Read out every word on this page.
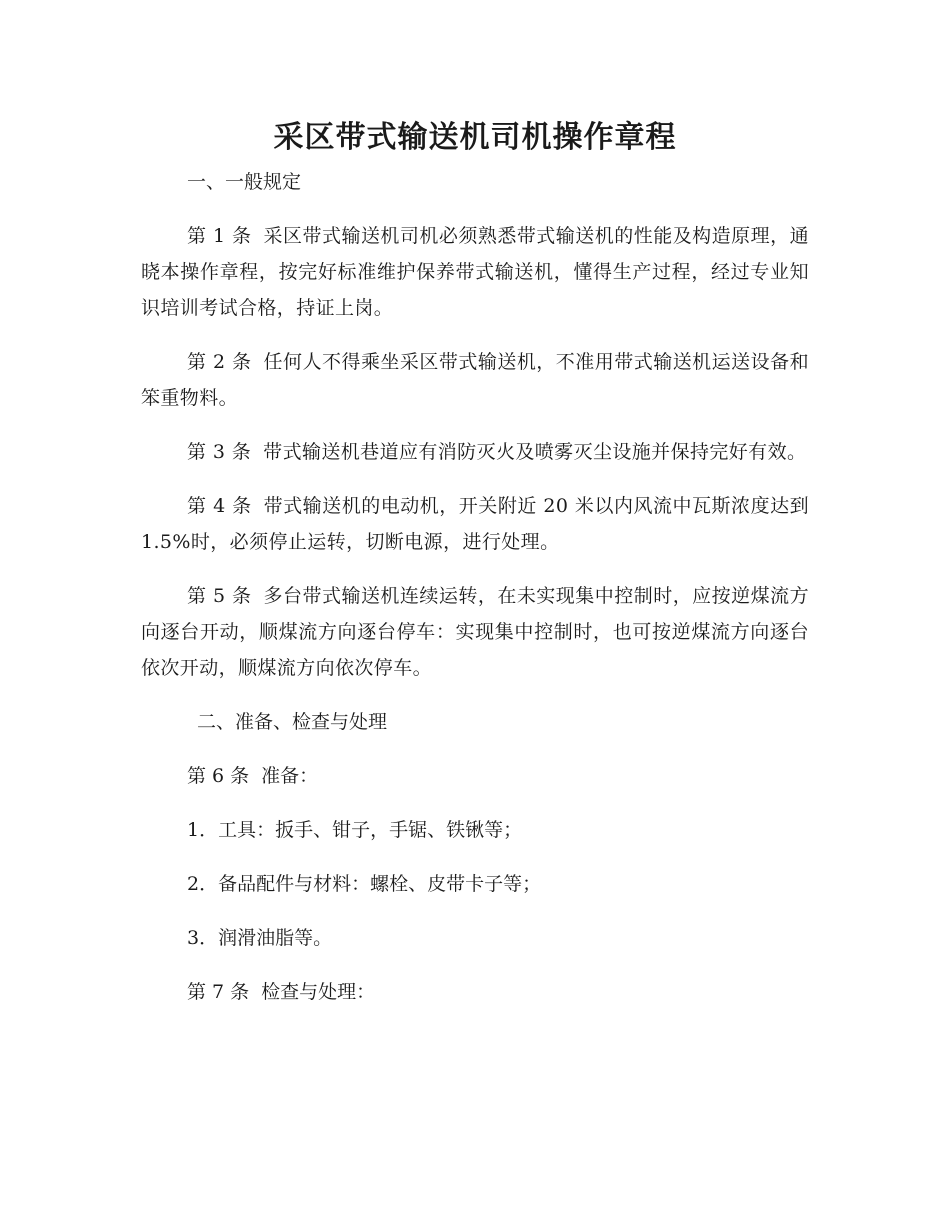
采区带式输送机司机操作章程

一、一般规定

第 1 条 采区带式输送机司机必须熟悉带式输送机的性能及构造原理，通晓本操作章程，按完好标准维护保养带式输送机，懂得生产过程，经过专业知识培训考试合格，持证上岗。

第 2 条 任何人不得乘坐采区带式输送机，不准用带式输送机运送设备和笨重物料。

第 3 条 带式输送机巷道应有消防灭火及喷雾灭尘设施并保持完好有效。

第 4 条 带式输送机的电动机，开关附近 20 米以内风流中瓦斯浓度达到 1.5%时，必须停止运转，切断电源，进行处理。

第 5 条 多台带式输送机连续运转，在未实现集中控制时，应按逆煤流方向逐台开动，顺煤流方向逐台停车：实现集中控制时，也可按逆煤流方向逐台依次开动，顺煤流方向依次停车。

二、准备、检查与处理

第 6 条 准备：

1．工具：扳手、钳子，手锯、铁锹等；

2．备品配件与材料：螺栓、皮带卡子等；

3．润滑油脂等。

第 7 条 检查与处理：
